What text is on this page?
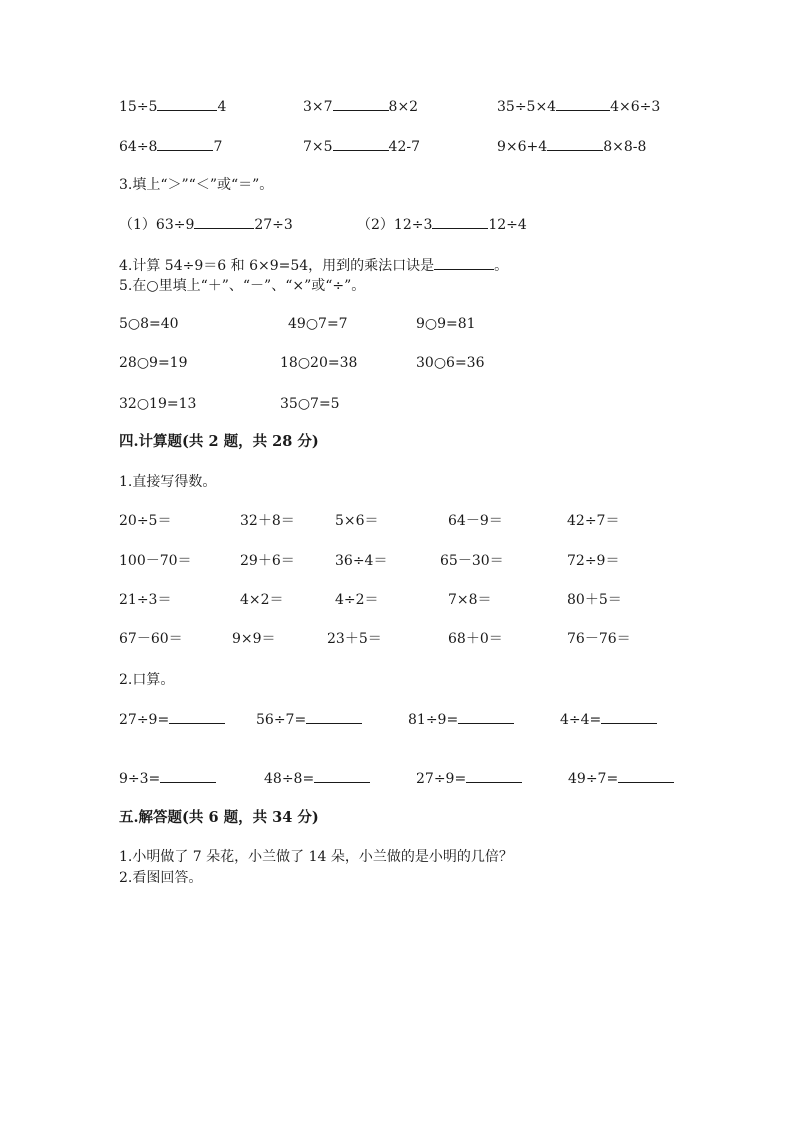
15÷5	4	3×7	8×2	35÷5×4	4×6÷3
64÷8	7	7×5	42-7	9×6+4	8×8-8
3.填上“＞”“＜”或“＝”。
（1）63÷9	27÷3	（2）12÷3	12÷4
4.计算 54÷9＝6 和 6×9=54，用到的乘法口诀是	。
5.在○里填上“＋”、“－”、“×”或“÷”。
5○8=40	49○7=7	9○9=81
28○9=19	18○20=38	30○6=36
32○19=13	35○7=5
四.计算题(共 2 题，共 28 分)
1.直接写得数。
20÷5＝	32＋8＝	5×6＝	64－9＝	42÷7＝
100－70＝	29＋6＝	36÷4＝	65－30＝	72÷9＝
21÷3＝	4×2＝	4÷2＝	7×8＝	80＋5＝
67－60＝	9×9＝	23＋5＝	68＋0＝	76－76＝
2.口算。
27÷9=	56÷7=	81÷9=	4÷4=
9÷3=	48÷8=	27÷9=	49÷7=
五.解答题(共 6 题，共 34 分)
1.小明做了 7 朵花，小兰做了 14 朵，小兰做的是小明的几倍？
2.看图回答。
